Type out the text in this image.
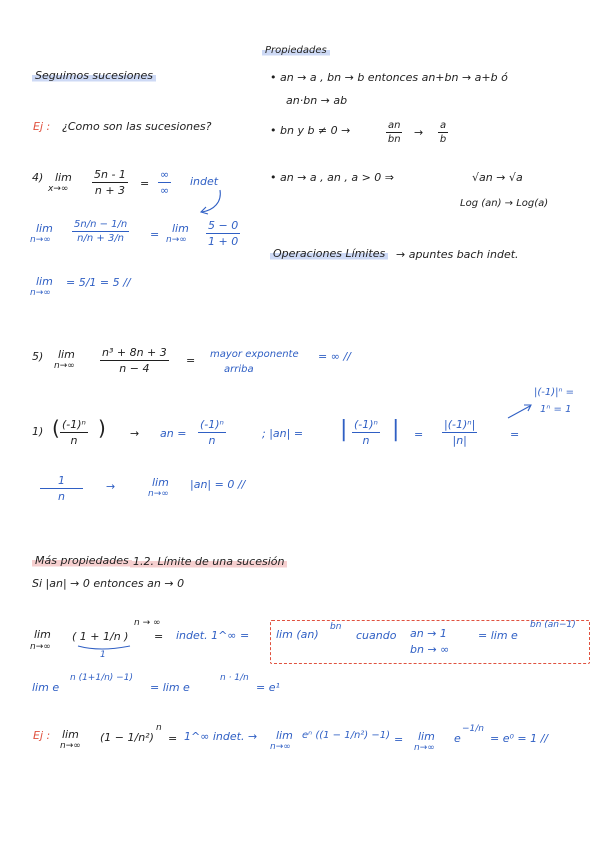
Propiedades
Seguimos sucesiones
Ej : ¿Como son las sucesiones?
4) lim
$x\to\infty \frac{5n - 1}{n + 3}$ =
∞
∞
indet
lim
$n\to\infty \frac{5n/n - 1/n}{n/n + 3/n} = \lim$
$n\to\infty \frac{5 - 0}{1 + 0}$
lim
n→∞
= 5/1 = 5 //
• an → a , bn → b entonces an+bn → a+b ó
an·bn → ab
• bn y b ≠ 0 →	$\frac{an}{bn} \to \frac{a}{b}$
• an → a , an , a > 0 ⇒	√an → √a
Log (an) → Log(a)
Operaciones Límites → apuntes bach indet.
5) lim
$n\to\infty \frac{\text{n³ + 8n + 3}}{n - 4}$ = mayor exponente
arriba
= ∞ //
1) ( $\frac{\text{(-1)ⁿ}}{n}$ ) → an = $\frac{\text{(-1)ⁿ}}{n}$	; |an| = | $\frac{\text{(-1)ⁿ}}{n}$ | = $\frac{\text{|(-1)ⁿ|}}{|n|}$	=
|(-1)|ⁿ =
1ⁿ = 1
$\frac{1}{n}$ →	lim
n→∞
|an| = 0 //
Más propiedades 1.2. Límite de una sucesión
Si |an| → 0 entonces an → 0
lim
n→∞
( 1 + 1/n )
n → ∞
1
= indet. 1^∞ = lim (an)
bn
cuando an → 1
bn → ∞
= lim e
bn (an−1)
lim e
n (1+1/n) −1)
= lim e
n · 1/n
= e¹
Ej : lim
n→∞
(1 − 1/n²)
n
= 1^∞ indet. → lim
n→∞
eⁿ ((1 − 1/n²) −1) = lim
n→∞
e
−1/n
= e⁰ = 1 //
